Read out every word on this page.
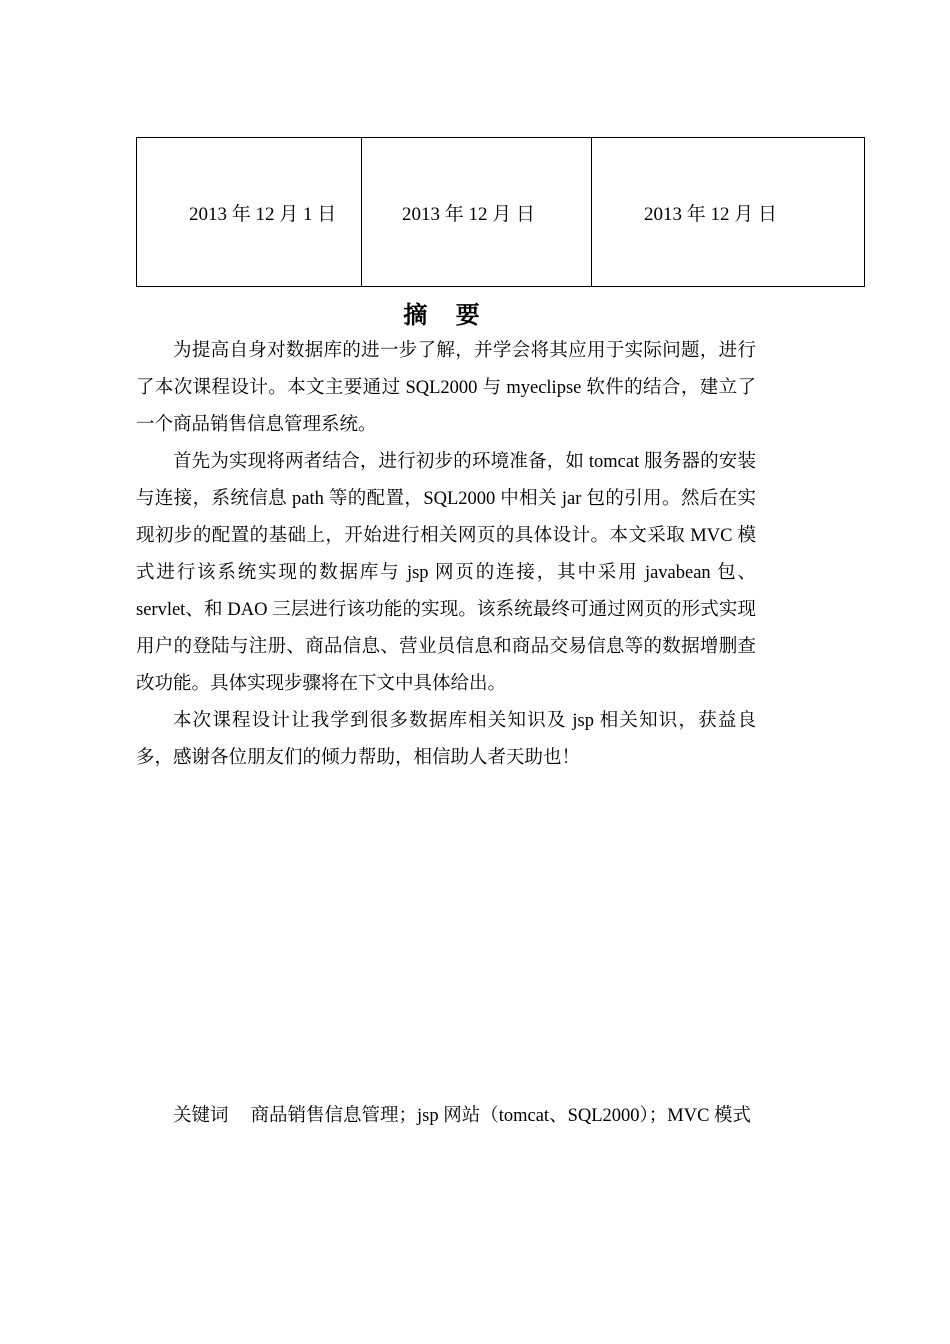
2013 年 12 月 1 日	2013 年 12 月 日	2013 年 12 月 日
摘 要

为提高自身对数据库的进一步了解，并学会将其应用于实际问题，进行了本次课程设计。本文主要通过 SQL2000 与 myeclipse 软件的结合，建立了一个商品销售信息管理系统。

首先为实现将两者结合，进行初步的环境准备，如 tomcat 服务器的安装与连接，系统信息 path 等的配置，SQL2000 中相关 jar 包的引用。然后在实现初步的配置的基础上，开始进行相关网页的具体设计。本文采取 MVC 模式进行该系统实现的数据库与 jsp 网页的连接，其中采用 javabean 包、servlet、和 DAO 三层进行该功能的实现。该系统最终可通过网页的形式实现用户的登陆与注册、商品信息、营业员信息和商品交易信息等的数据增删查改功能。具体实现步骤将在下文中具体给出。

本次课程设计让我学到很多数据库相关知识及 jsp 相关知识，获益良多，感谢各位朋友们的倾力帮助，相信助人者天助也！

关键词 商品销售信息管理；jsp 网站（tomcat、SQL2000）；MVC 模式
